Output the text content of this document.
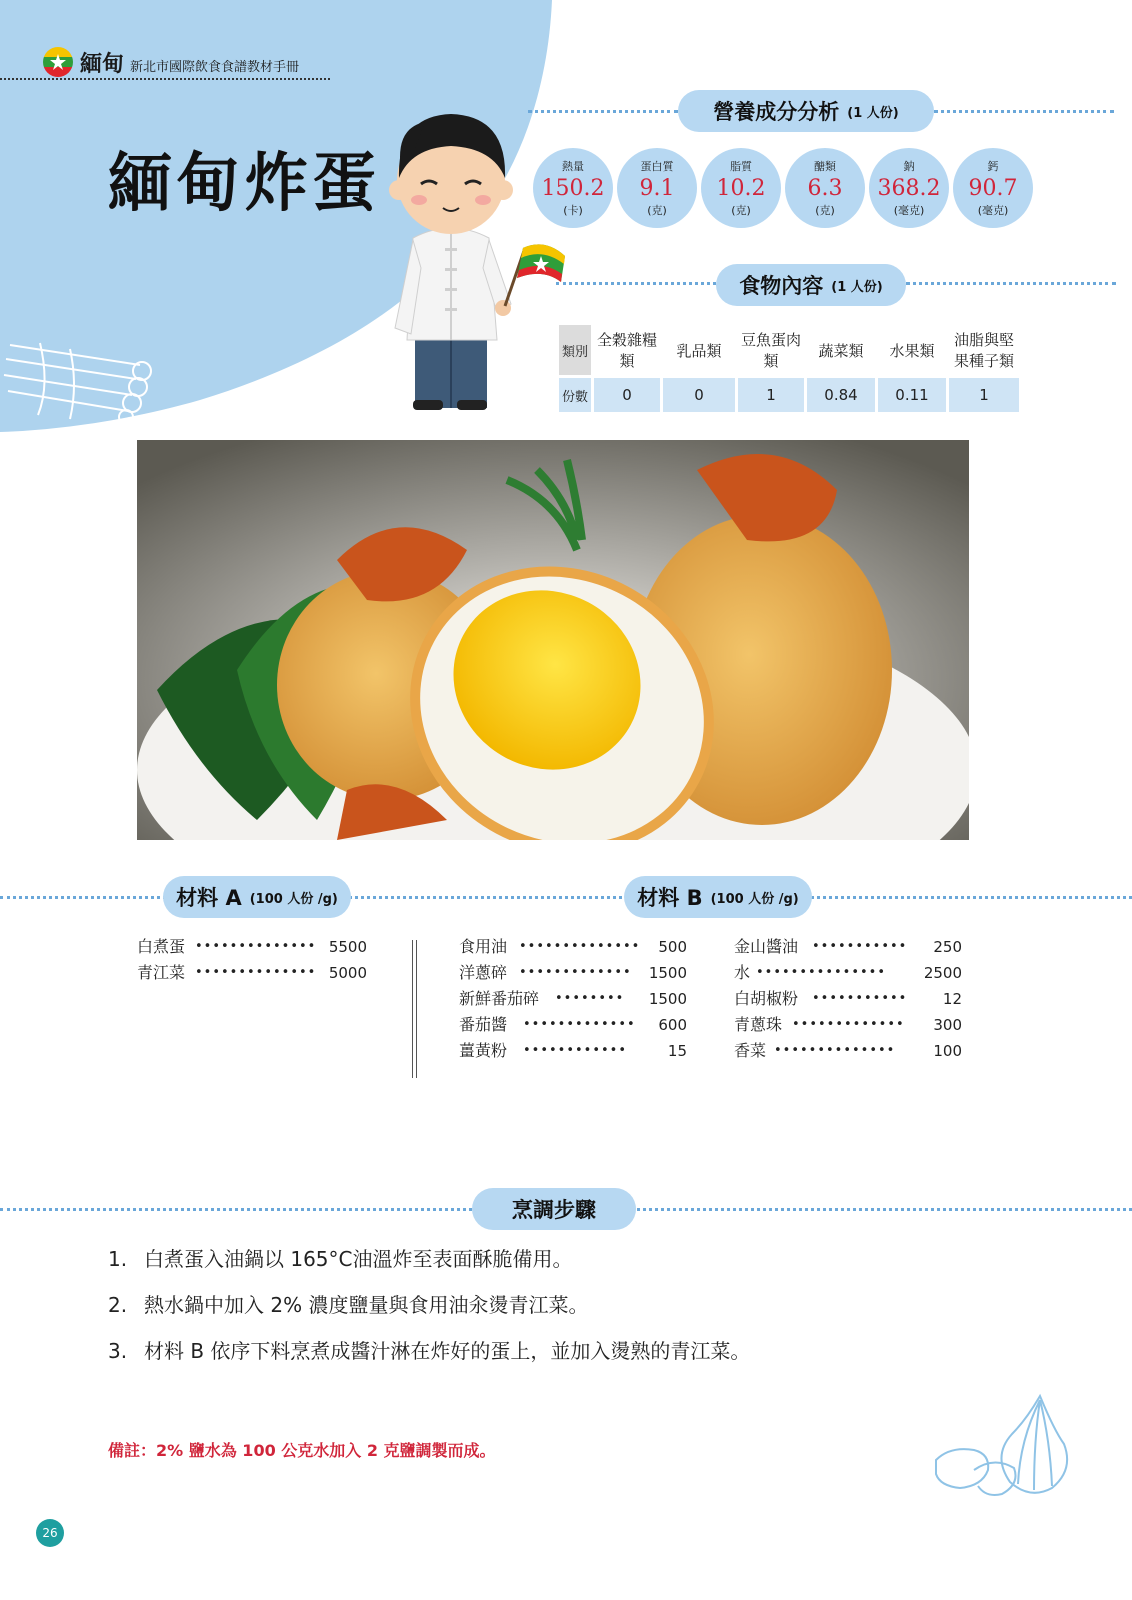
緬甸 新北市國際飲食食譜教材手冊
緬甸炸蛋
營養成分分析 (1 人份)
熱量
150.2
(卡)
蛋白質
9.1
(克)
脂質
10.2
(克)
醣類
6.3
(克)
鈉
368.2
(毫克)
鈣
90.7
(毫克)
食物內容 (1 人份)
類別	全穀雜糧類	乳品類	豆魚蛋肉類	蔬菜類	水果類	油脂與堅果種子類
份數	0	0	1	0.84	0.11	1
材料 A (100 人份 /g)	材料 B (100 人份 /g)
白煮蛋 •••••••••••••• 5500
青江菜 •••••••••••••• 5000
食用油 •••••••••••••• 500
洋蔥碎 ••••••••••••• 1500
新鮮番茄碎 •••••••• 1500
番茄醬 ••••••••••••• 600
薑黃粉 ••••••••••••	15
金山醬油 ••••••••••• 250
水 •••••••••••••••	2500
白胡椒粉 ••••••••••• 12
青蔥珠 ••••••••••••• 300
香菜 ••••••••••••••	100
烹調步驟
1. 白煮蛋入油鍋以 165°C油溫炸至表面酥脆備用。
2. 熱水鍋中加入 2% 濃度鹽量與食用油汆燙青江菜。
3. 材料 B 依序下料烹煮成醬汁淋在炸好的蛋上，並加入燙熟的青江菜。
備註：2% 鹽水為 100 公克水加入 2 克鹽調製而成。
26
